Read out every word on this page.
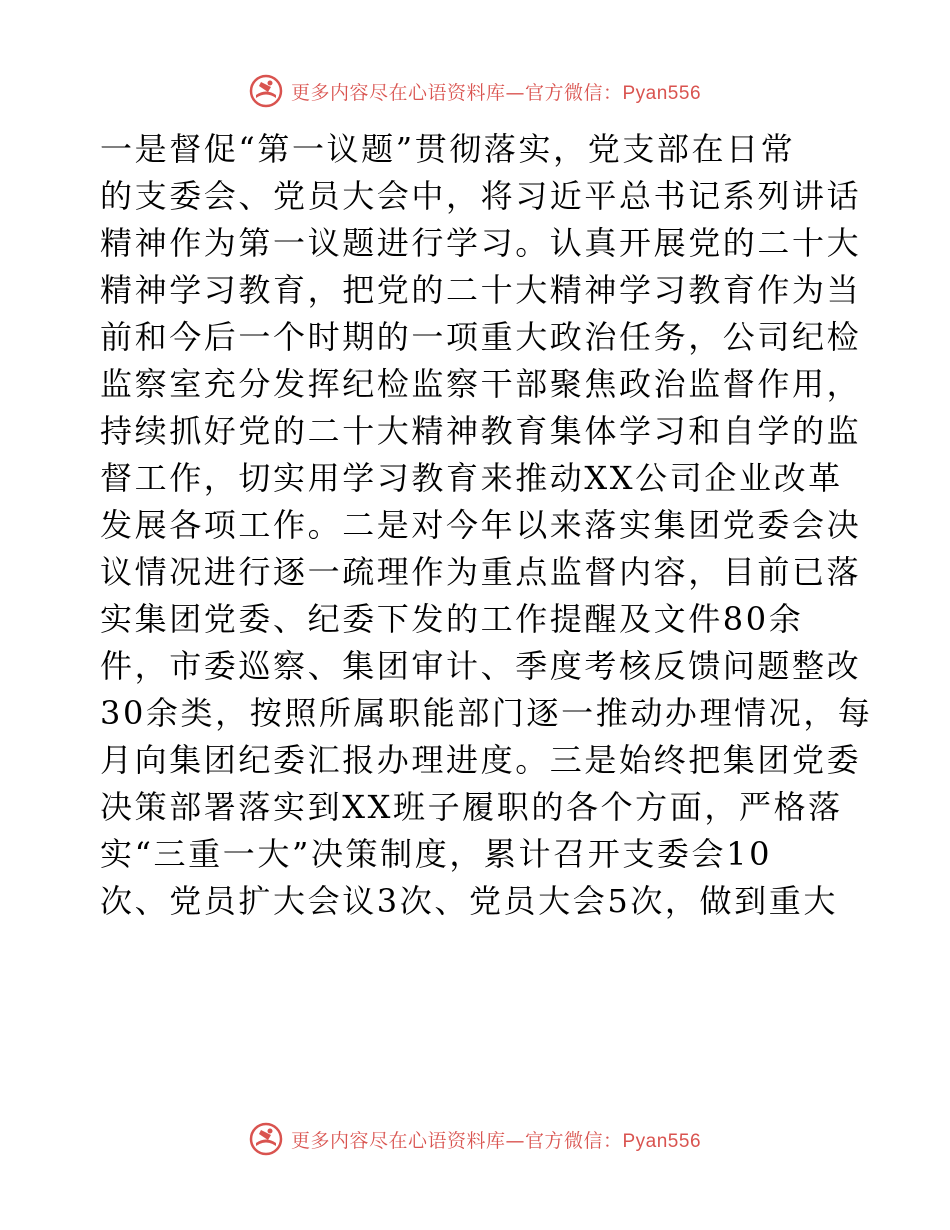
更多内容尽在心语资料库—官方微信：Pyan556
一是督促“第一议题”贯彻落实，党支部在日常
的支委会、党员大会中，将习近平总书记系列讲话
精神作为第一议题进行学习。认真开展党的二十大
精神学习教育，把党的二十大精神学习教育作为当
前和今后一个时期的一项重大政治任务，公司纪检
监察室充分发挥纪检监察干部聚焦政治监督作用，
持续抓好党的二十大精神教育集体学习和自学的监
督工作，切实用学习教育来推动XX公司企业改革
发展各项工作。二是对今年以来落实集团党委会决
议情况进行逐一疏理作为重点监督内容，目前已落
实集团党委、纪委下发的工作提醒及文件80余
件，市委巡察、集团审计、季度考核反馈问题整改
30余类，按照所属职能部门逐一推动办理情况，每
月向集团纪委汇报办理进度。三是始终把集团党委
决策部署落实到XX班子履职的各个方面，严格落
实“三重一大”决策制度，累计召开支委会10
次、党员扩大会议3次、党员大会5次，做到重大
更多内容尽在心语资料库—官方微信：Pyan556
